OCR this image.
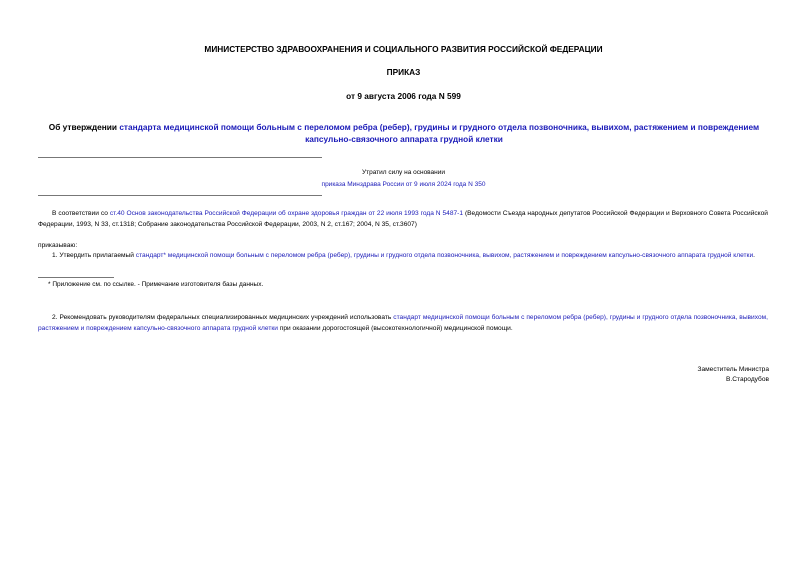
МИНИСТЕРСТВО ЗДРАВООХРАНЕНИЯ И СОЦИАЛЬНОГО РАЗВИТИЯ РОССИЙСКОЙ ФЕДЕРАЦИИ
ПРИКАЗ
от 9 августа 2006 года N 599
Об утверждении стандарта медицинской помощи больным с переломом ребра (ребер), грудины и грудного отдела позвоночника, вывихом, растяжением и повреждением капсульно-связочного аппарата грудной клетки
Утратил силу на основании
приказа Минздрава России от 9 июля 2024 года N 350
В соответствии со ст.40 Основ законодательства Российской Федерации об охране здоровья граждан от 22 июля 1993 года N 5487-1 (Ведомости Съезда народных депутатов Российской Федерации и Верховного Совета Российской Федерации, 1993, N 33, ст.1318; Собрание законодательства Российской Федерации, 2003, N 2, ст.167; 2004, N 35, ст.3607)
приказываю:
1. Утвердить прилагаемый стандарт* медицинской помощи больным с переломом ребра (ребер), грудины и грудного отдела позвоночника, вывихом, растяжением и повреждением капсульно-связочного аппарата грудной клетки.
* Приложение см. по ссылке. - Примечание изготовителя базы данных.
2. Рекомендовать руководителям федеральных специализированных медицинских учреждений использовать стандарт медицинской помощи больным с переломом ребра (ребер), грудины и грудного отдела позвоночника, вывихом, растяжением и повреждением капсульно-связочного аппарата грудной клетки при оказании дорогостоящей (высокотехнологичной) медицинской помощи.
Заместитель Министра
В.Стародубов
